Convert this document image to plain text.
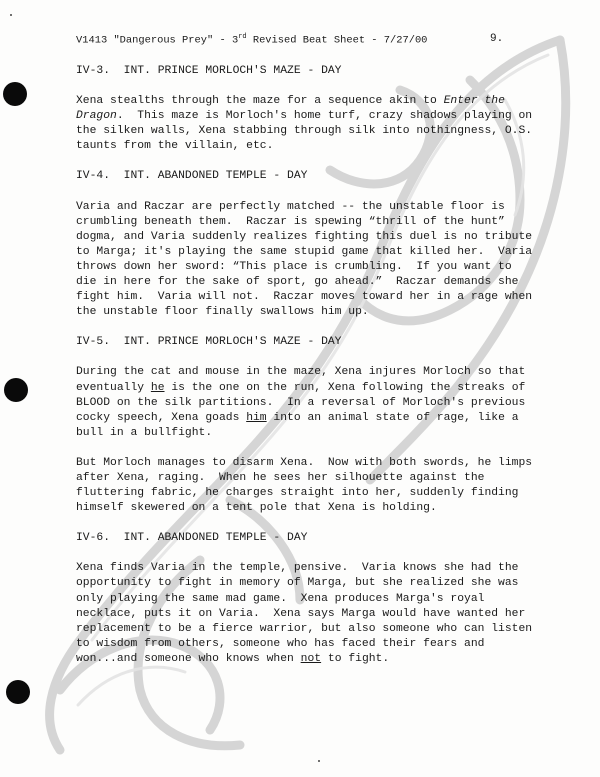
V1413 "Dangerous Prey" - 3rd Revised Beat Sheet - 7/27/00	9.
IV-3.  INT. PRINCE MORLOCH'S MAZE - DAY
Xena stealths through the maze for a sequence akin to Enter the Dragon.  This maze is Morloch's home turf, crazy shadows playing on the silken walls, Xena stabbing through silk into nothingness, O.S. taunts from the villain, etc.
IV-4.  INT. ABANDONED TEMPLE - DAY
Varia and Raczar are perfectly matched -- the unstable floor is crumbling beneath them.  Raczar is spewing “thrill of the hunt” dogma, and Varia suddenly realizes fighting this duel is no tribute to Marga; it's playing the same stupid game that killed her.  Varia throws down her sword: “This place is crumbling.  If you want to die in here for the sake of sport, go ahead.”  Raczar demands she fight him.  Varia will not.  Raczar moves toward her in a rage when the unstable floor finally swallows him up.
IV-5.  INT. PRINCE MORLOCH'S MAZE - DAY
During the cat and mouse in the maze, Xena injures Morloch so that eventually he is the one on the run, Xena following the streaks of BLOOD on the silk partitions.  In a reversal of Morloch's previous cocky speech, Xena goads him into an animal state of rage, like a bull in a bullfight.
But Morloch manages to disarm Xena.  Now with both swords, he limps after Xena, raging.  When he sees her silhouette against the fluttering fabric, he charges straight into her, suddenly finding himself skewered on a tent pole that Xena is holding.
IV-6.  INT. ABANDONED TEMPLE - DAY
Xena finds Varia in the temple, pensive.  Varia knows she had the opportunity to fight in memory of Marga, but she realized she was only playing the same mad game.  Xena produces Marga's royal necklace, puts it on Varia.  Xena says Marga would have wanted her replacement to be a fierce warrior, but also someone who can listen to wisdom from others, someone who has faced their fears and won...and someone who knows when not to fight.
